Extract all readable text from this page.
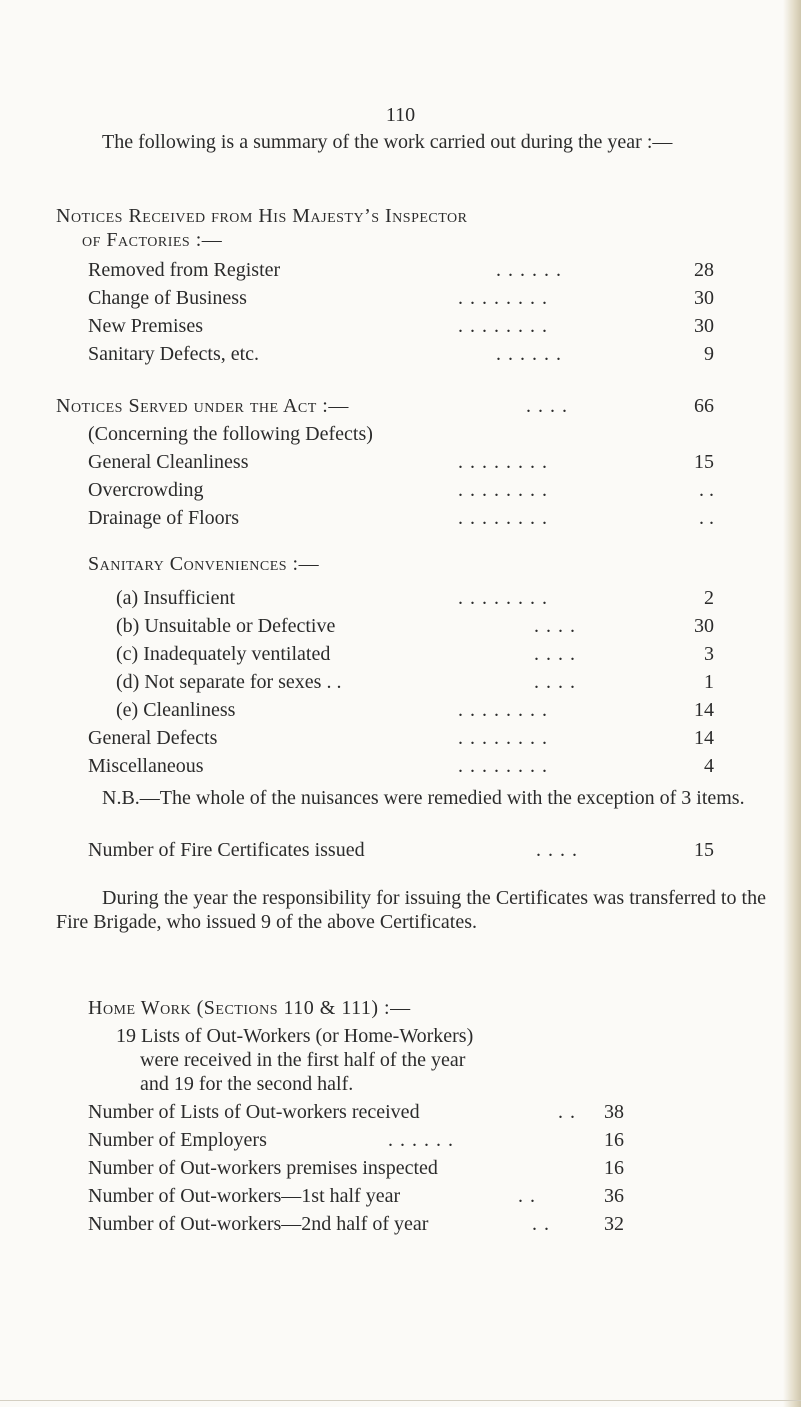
110
The following is a summary of the work carried out during the year :—
Notices Received from His Majesty’s Inspector
of Factories :—
Removed from Register	. . . . . .	28
Change of Business	. . . . . . . .	30
New Premises	. . . . . . . .	30
Sanitary Defects, etc.	. . . . . .	9
Notices Served under the Act :—	. . . .	66
(Concerning the following Defects)
General Cleanliness	. . . . . . . .	15
Overcrowding	. . . . . . . .	. .
Drainage of Floors	. . . . . . . .	. .
Sanitary Conveniences :—
(a) Insufficient	. . . . . . . .	2
(b) Unsuitable or Defective	. . . .	30
(c) Inadequately ventilated	. . . .	3
(d) Not separate for sexes . .	. . . .	1
(e) Cleanliness	. . . . . . . .	14
General Defects	. . . . . . . .	14
Miscellaneous	. . . . . . . .	4
N.B.—The whole of the nuisances were remedied with the exception of 3 items.
Number of Fire Certificates issued	. . . .	15
During the year the responsibility for issuing the Certificates was transferred to the Fire Brigade, who issued 9 of the above Certificates.
Home Work (Sections 110 & 111) :—
19 Lists of Out-Workers (or Home-Workers) were received in the first half of the year and 19 for the second half.
Number of Lists of Out-workers received	. .	38
Number of Employers	. . . . . .	16
Number of Out-workers premises inspected	16
Number of Out-workers—1st half year	. .	36
Number of Out-workers—2nd half of year	. .	32
